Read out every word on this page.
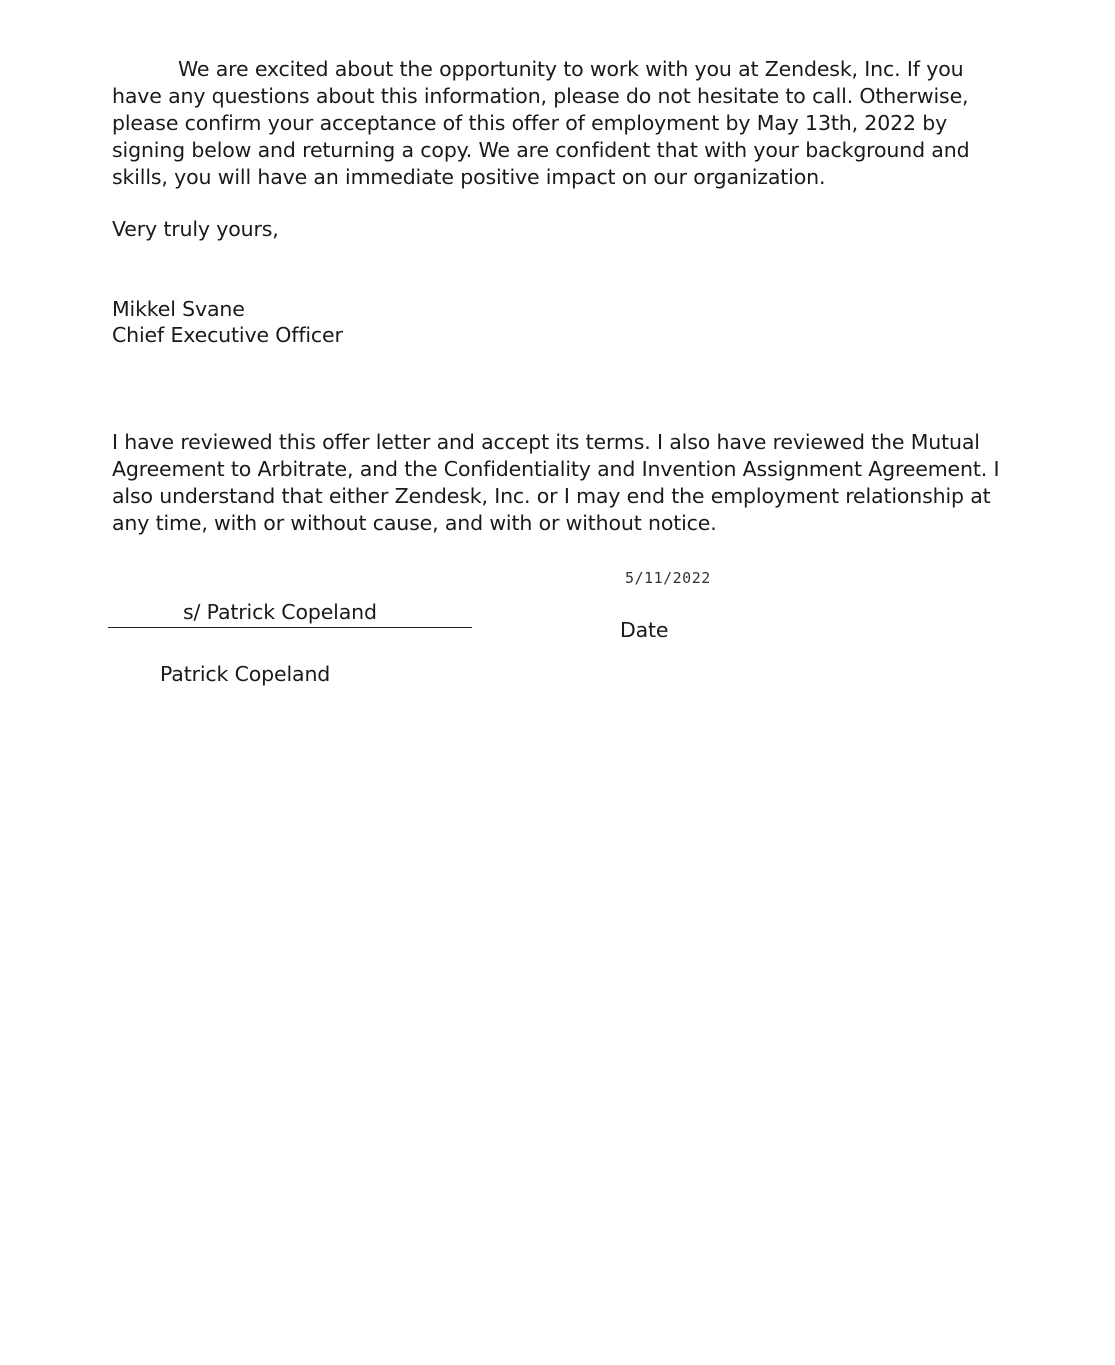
We are excited about the opportunity to work with you at Zendesk, Inc. If you have any questions about this information, please do not hesitate to call. Otherwise, please confirm your acceptance of this offer of employment by May 13th, 2022 by signing below and returning a copy. We are confident that with your background and skills, you will have an immediate positive impact on our organization.

Very truly yours,

Mikkel Svane

Chief Executive Officer

I have reviewed this offer letter and accept its terms. I also have reviewed the Mutual Agreement to Arbitrate, and the Confidentiality and Invention Assignment Agreement. I also understand that either Zendesk, Inc. or I may end the employment relationship at any time, with or without cause, and with or without notice.

5/11/2022

s/ Patrick Copeland

Date

Patrick Copeland
